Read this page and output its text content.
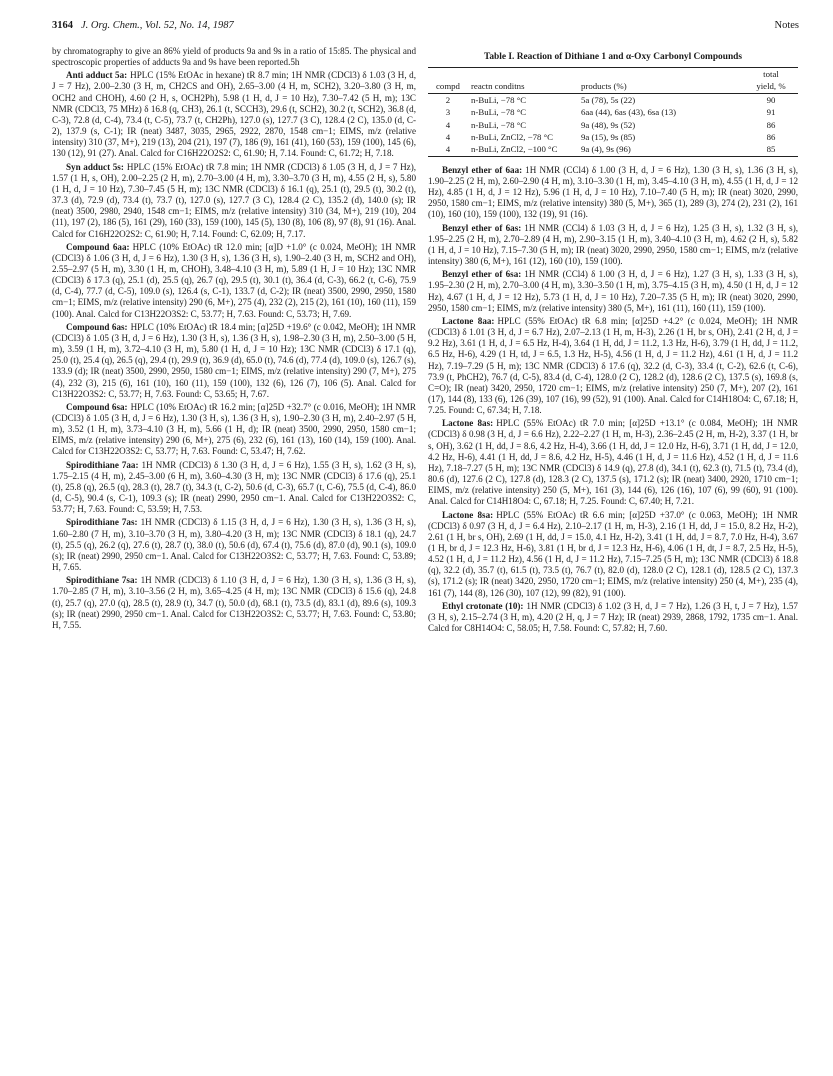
3164 J. Org. Chem., Vol. 52, No. 14, 1987	Notes
by chromatography to give an 86% yield of products 9a and 9s in a ratio of 15:85. The physical and spectroscopic properties of adducts 9a and 9s have been reported.5h
Anti adduct 5a: HPLC (15% EtOAc in hexane) tR 8.7 min; 1H NMR (CDCl3) δ 1.03 (3 H, d, J = 7 Hz), 2.00–2.30 (3 H, m, CH2CS and OH), 2.65–3.00 (4 H, m, SCH2), 3.20–3.80 (3 H, m, OCH2 and CHOH), 4.60 (2 H, s, OCH2Ph), 5.98 (1 H, d, J = 10 Hz), 7.30–7.42 (5 H, m); 13C NMR (CDCl3, 75 MHz) δ 16.8 (q, CH3), 26.1 (t, SCCH3), 29.6 (t, SCH2), 30.2 (t, SCH2), 36.8 (d, C-3), 72.8 (d, C-4), 73.4 (t, C-5), 73.7 (t, CH2Ph), 127.0 (s), 127.7 (3 C), 128.4 (2 C), 135.0 (d, C-2), 137.9 (s, C-1); IR (neat) 3487, 3035, 2965, 2922, 2870, 1548 cm−1; EIMS, m/z (relative intensity) 310 (37, M+), 219 (13), 204 (21), 197 (7), 186 (9), 161 (41), 160 (53), 159 (100), 145 (6), 130 (12), 91 (27). Anal. Calcd for C16H22O2S2: C, 61.90; H, 7.14. Found: C, 61.72; H, 7.18.
Syn adduct 5s: HPLC (15% EtOAc) tR 7.8 min; 1H NMR (CDCl3) δ 1.05 (3 H, d, J = 7 Hz), 1.57 (1 H, s, OH), 2.00–2.25 (2 H, m), 2.70–3.00 (4 H, m), 3.30–3.70 (3 H, m), 4.55 (2 H, s), 5.80 (1 H, d, J = 10 Hz), 7.30–7.45 (5 H, m); 13C NMR (CDCl3) δ 16.1 (q), 25.1 (t), 29.5 (t), 30.2 (t), 37.3 (d), 72.9 (d), 73.4 (t), 73.7 (t), 127.0 (s), 127.7 (3 C), 128.4 (2 C), 135.2 (d), 140.0 (s); IR (neat) 3500, 2980, 2940, 1548 cm−1; EIMS, m/z (relative intensity) 310 (34, M+), 219 (10), 204 (11), 197 (2), 186 (5), 161 (29), 160 (33), 159 (100), 145 (5), 130 (8), 106 (8), 97 (8), 91 (16). Anal. Calcd for C16H22O2S2: C, 61.90; H, 7.14. Found: C, 62.09; H, 7.17.
Compound 6aa: HPLC (10% EtOAc) tR 12.0 min; [α]D +1.0° (c 0.024, MeOH); 1H NMR (CDCl3) δ 1.06 (3 H, d, J = 6 Hz), 1.30 (3 H, s), 1.36 (3 H, s), 1.90–2.40 (3 H, m, SCH2 and OH), 2.55–2.97 (5 H, m), 3.30 (1 H, m, CHOH), 3.48–4.10 (3 H, m), 5.89 (1 H, J = 10 Hz); 13C NMR (CDCl3) δ 17.3 (q), 25.1 (d), 25.5 (q), 26.7 (q), 29.5 (t), 30.1 (t), 36.4 (d, C-3), 66.2 (t, C-6), 75.9 (d, C-4), 77.7 (d, C-5), 109.0 (s), 126.4 (s, C-1), 133.7 (d, C-2); IR (neat) 3500, 2990, 2950, 1580 cm−1; EIMS, m/z (relative intensity) 290 (6, M+), 275 (4), 232 (2), 215 (2), 161 (10), 160 (11), 159 (100). Anal. Calcd for C13H22O3S2: C, 53.77; H, 7.63. Found: C, 53.73; H, 7.69.
Compound 6as: HPLC (10% EtOAc) tR 18.4 min; [α]25D +19.6° (c 0.042, MeOH); 1H NMR (CDCl3) δ 1.05 (3 H, d, J = 6 Hz), 1.30 (3 H, s), 1.36 (3 H, s), 1.98–2.30 (3 H, m), 2.50–3.00 (5 H, m), 3.59 (1 H, m), 3.72–4.10 (3 H, m), 5.80 (1 H, d, J = 10 Hz); 13C NMR (CDCl3) δ 17.1 (q), 25.0 (t), 25.4 (q), 26.5 (q), 29.4 (t), 29.9 (t), 36.9 (d), 65.0 (t), 74.6 (d), 77.4 (d), 109.0 (s), 126.7 (s), 133.9 (d); IR (neat) 3500, 2990, 2950, 1580 cm−1; EIMS, m/z (relative intensity) 290 (7, M+), 275 (4), 232 (3), 215 (6), 161 (10), 160 (11), 159 (100), 132 (6), 126 (7), 106 (5). Anal. Calcd for C13H22O3S2: C, 53.77; H, 7.63. Found: C, 53.65; H, 7.67.
Compound 6sa: HPLC (10% EtOAc) tR 16.2 min; [α]25D +32.7° (c 0.016, MeOH); 1H NMR (CDCl3) δ 1.05 (3 H, d, J = 6 Hz), 1.30 (3 H, s), 1.36 (3 H, s), 1.90–2.30 (3 H, m), 2.40–2.97 (5 H, m), 3.52 (1 H, m), 3.73–4.10 (3 H, m), 5.66 (1 H, d); IR (neat) 3500, 2990, 2950, 1580 cm−1; EIMS, m/z (relative intensity) 290 (6, M+), 275 (6), 232 (6), 161 (13), 160 (14), 159 (100). Anal. Calcd for C13H22O3S2: C, 53.77; H, 7.63. Found: C, 53.47; H, 7.62.
Spirodithiane 7aa: 1H NMR (CDCl3) δ 1.30 (3 H, d, J = 6 Hz), 1.55 (3 H, s), 1.62 (3 H, s), 1.75–2.15 (4 H, m), 2.45–3.00 (6 H, m), 3.60–4.30 (3 H, m); 13C NMR (CDCl3) δ 17.6 (q), 25.1 (t), 25.8 (q), 26.5 (q), 28.3 (t), 28.7 (t), 34.3 (t, C-2), 50.6 (d, C-3), 65.7 (t, C-6), 75.5 (d, C-4), 86.0 (d, C-5), 90.4 (s, C-1), 109.3 (s); IR (neat) 2990, 2950 cm−1. Anal. Calcd for C13H22O3S2: C, 53.77; H, 7.63. Found: C, 53.59; H, 7.53.
Spirodithiane 7as: 1H NMR (CDCl3) δ 1.15 (3 H, d, J = 6 Hz), 1.30 (3 H, s), 1.36 (3 H, s), 1.60–2.80 (7 H, m), 3.10–3.70 (3 H, m), 3.80–4.20 (3 H, m); 13C NMR (CDCl3) δ 18.1 (q), 24.7 (t), 25.5 (q), 26.2 (q), 27.6 (t), 28.7 (t), 38.0 (t), 50.6 (d), 67.4 (t), 75.6 (d), 87.0 (d), 90.1 (s), 109.0 (s); IR (neat) 2990, 2950 cm−1. Anal. Calcd for C13H22O3S2: C, 53.77; H, 7.63. Found: C, 53.89; H, 7.65.
Spirodithiane 7sa: 1H NMR (CDCl3) δ 1.10 (3 H, d, J = 6 Hz), 1.30 (3 H, s), 1.36 (3 H, s), 1.70–2.85 (7 H, m), 3.10–3.56 (2 H, m), 3.65–4.25 (4 H, m); 13C NMR (CDCl3) δ 15.6 (q), 24.8 (t), 25.7 (q), 27.0 (q), 28.5 (t), 28.9 (t), 34.7 (t), 50.0 (d), 68.1 (t), 73.5 (d), 83.1 (d), 89.6 (s), 109.3 (s); IR (neat) 2990, 2950 cm−1. Anal. Calcd for C13H22O3S2: C, 53.77; H, 7.63. Found: C, 53.80; H, 7.55.
Table I. Reaction of Dithiane 1 and α-Oxy Carbonyl Compounds
			total
compd	reactn conditns	products (%)	yield, %
2	n-BuLi, −78 °C	5a (78), 5s (22)	90
3	n-BuLi, −78 °C	6aa (44), 6as (43), 6sa (13)	91
4	n-BuLi, −78 °C	9a (48), 9s (52)	86
4	n-BuLi, ZnCl2, −78 °C	9a (15), 9s (85)	86
4	n-BuLi, ZnCl2, −100 °C	9a (4), 9s (96)	85
Benzyl ether of 6aa: 1H NMR (CCl4) δ 1.00 (3 H, d, J = 6 Hz), 1.30 (3 H, s), 1.36 (3 H, s), 1.90–2.25 (2 H, m), 2.60–2.90 (4 H, m), 3.10–3.30 (1 H, m), 3.45–4.10 (3 H, m), 4.55 (1 H, d, J = 12 Hz), 4.85 (1 H, d, J = 12 Hz), 5.96 (1 H, d, J = 10 Hz), 7.10–7.40 (5 H, m); IR (neat) 3020, 2990, 2950, 1580 cm−1; EIMS, m/z (relative intensity) 380 (5, M+), 365 (1), 289 (3), 274 (2), 231 (2), 161 (10), 160 (10), 159 (100), 132 (19), 91 (16).
Benzyl ether of 6as: 1H NMR (CCl4) δ 1.03 (3 H, d, J = 6 Hz), 1.25 (3 H, s), 1.32 (3 H, s), 1.95–2.25 (2 H, m), 2.70–2.89 (4 H, m), 2.90–3.15 (1 H, m), 3.40–4.10 (3 H, m), 4.62 (2 H, s), 5.82 (1 H, d, J = 10 Hz), 7.15–7.30 (5 H, m); IR (neat) 3020, 2990, 2950, 1580 cm−1; EIMS, m/z (relative intensity) 380 (6, M+), 161 (12), 160 (10), 159 (100).
Benzyl ether of 6sa: 1H NMR (CCl4) δ 1.00 (3 H, d, J = 6 Hz), 1.27 (3 H, s), 1.33 (3 H, s), 1.95–2.30 (2 H, m), 2.70–3.00 (4 H, m), 3.30–3.50 (1 H, m), 3.75–4.15 (3 H, m), 4.50 (1 H, d, J = 12 Hz), 4.67 (1 H, d, J = 12 Hz), 5.73 (1 H, d, J = 10 Hz), 7.20–7.35 (5 H, m); IR (neat) 3020, 2990, 2950, 1580 cm−1; EIMS, m/z (relative intensity) 380 (5, M+), 161 (11), 160 (11), 159 (100).
Lactone 8aa: HPLC (55% EtOAc) tR 6.8 min; [α]25D +4.2° (c 0.024, MeOH); 1H NMR (CDCl3) δ 1.01 (3 H, d, J = 6.7 Hz), 2.07–2.13 (1 H, m, H-3), 2.26 (1 H, br s, OH), 2.41 (2 H, d, J = 9.2 Hz), 3.61 (1 H, d, J = 6.5 Hz, H-4), 3.64 (1 H, dd, J = 11.2, 1.3 Hz, H-6), 3.79 (1 H, dd, J = 11.2, 6.5 Hz, H-6), 4.29 (1 H, td, J = 6.5, 1.3 Hz, H-5), 4.56 (1 H, d, J = 11.2 Hz), 4.61 (1 H, d, J = 11.2 Hz), 7.19–7.29 (5 H, m); 13C NMR (CDCl3) δ 17.6 (q), 32.2 (d, C-3), 33.4 (t, C-2), 62.6 (t, C-6), 73.9 (t, PhCH2), 76.7 (d, C-5), 83.4 (d, C-4), 128.0 (2 C), 128.2 (d), 128.6 (2 C), 137.5 (s), 169.8 (s, C=O); IR (neat) 3420, 2950, 1720 cm−1; EIMS, m/z (relative intensity) 250 (7, M+), 207 (2), 161 (17), 144 (8), 133 (6), 126 (39), 107 (16), 99 (52), 91 (100). Anal. Calcd for C14H18O4: C, 67.18; H, 7.25. Found: C, 67.34; H, 7.18.
Lactone 8as: HPLC (55% EtOAc) tR 7.0 min; [α]25D +13.1° (c 0.084, MeOH); 1H NMR (CDCl3) δ 0.98 (3 H, d, J = 6.6 Hz), 2.22–2.27 (1 H, m, H-3), 2.36–2.45 (2 H, m, H-2), 3.37 (1 H, br s, OH), 3.62 (1 H, dd, J = 8.6, 4.2 Hz, H-4), 3.66 (1 H, dd, J = 12.0 Hz, H-6), 3.71 (1 H, dd, J = 12.0, 4.2 Hz, H-6), 4.41 (1 H, dd, J = 8.6, 4.2 Hz, H-5), 4.46 (1 H, d, J = 11.6 Hz), 4.52 (1 H, d, J = 11.6 Hz), 7.18–7.27 (5 H, m); 13C NMR (CDCl3) δ 14.9 (q), 27.8 (d), 34.1 (t), 62.3 (t), 71.5 (t), 73.4 (d), 80.6 (d), 127.6 (2 C), 127.8 (d), 128.3 (2 C), 137.5 (s), 171.2 (s); IR (neat) 3400, 2920, 1710 cm−1; EIMS, m/z (relative intensity) 250 (5, M+), 161 (3), 144 (6), 126 (16), 107 (6), 99 (60), 91 (100). Anal. Calcd for C14H18O4: C, 67.18; H, 7.25. Found: C, 67.40; H, 7.21.
Lactone 8sa: HPLC (55% EtOAc) tR 6.6 min; [α]25D +37.0° (c 0.063, MeOH); 1H NMR (CDCl3) δ 0.97 (3 H, d, J = 6.4 Hz), 2.10–2.17 (1 H, m, H-3), 2.16 (1 H, dd, J = 15.0, 8.2 Hz, H-2), 2.61 (1 H, br s, OH), 2.69 (1 H, dd, J = 15.0, 4.1 Hz, H-2), 3.41 (1 H, dd, J = 8.7, 7.0 Hz, H-4), 3.67 (1 H, br d, J = 12.3 Hz, H-6), 3.81 (1 H, br d, J = 12.3 Hz, H-6), 4.06 (1 H, dt, J = 8.7, 2.5 Hz, H-5), 4.52 (1 H, d, J = 11.2 Hz), 4.56 (1 H, d, J = 11.2 Hz), 7.15–7.25 (5 H, m); 13C NMR (CDCl3) δ 18.8 (q), 32.2 (d), 35.7 (t), 61.5 (t), 73.5 (t), 76.7 (t), 82.0 (d), 128.0 (2 C), 128.1 (d), 128.5 (2 C), 137.3 (s), 171.2 (s); IR (neat) 3420, 2950, 1720 cm−1; EIMS, m/z (relative intensity) 250 (4, M+), 235 (4), 161 (7), 144 (8), 126 (30), 107 (12), 99 (82), 91 (100).
Ethyl crotonate (10): 1H NMR (CDCl3) δ 1.02 (3 H, d, J = 7 Hz), 1.26 (3 H, t, J = 7 Hz), 1.57 (3 H, s), 2.15–2.74 (3 H, m), 4.20 (2 H, q, J = 7 Hz); IR (neat) 2939, 2868, 1792, 1735 cm−1. Anal. Calcd for C8H14O4: C, 58.05; H, 7.58. Found: C, 57.82; H, 7.60.
